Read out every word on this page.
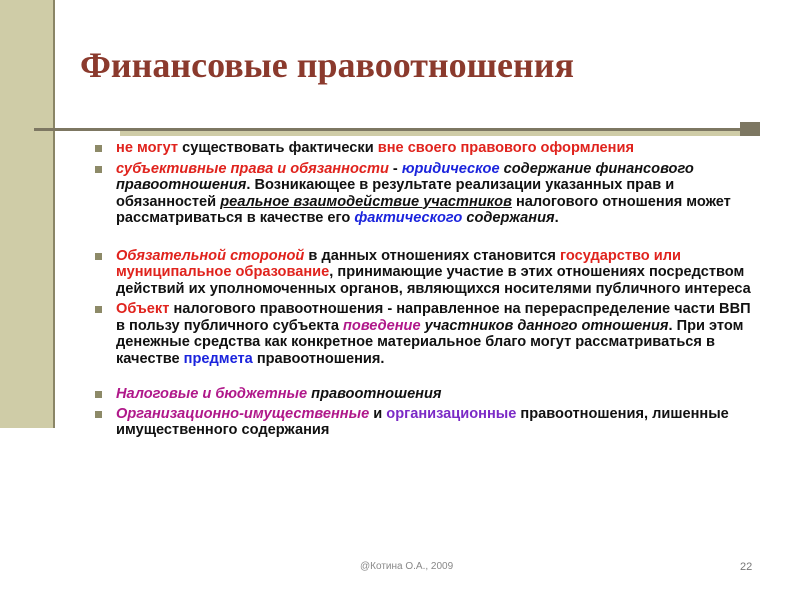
Финансовые правоотношения
не могут существовать фактически вне своего правового оформления
субъективные права и обязанности - юридическое содержание финансового правоотношения. Возникающее в результате реализации указанных прав и обязанностей реальное взаимодействие участников налогового отношения может рассматриваться в качестве его фактического содержания.
Обязательной стороной в данных отношениях становится государство или муниципальное образование, принимающие участие в этих отношениях посредством действий их уполномоченных органов, являющихся носителями публичного интереса
Объект налогового правоотношения - направленное на перераспределение части ВВП в пользу публичного субъекта поведение участников данного отношения. При этом денежные средства как конкретное материальное благо могут рассматриваться в качестве предмета правоотношения.
Налоговые и бюджетные правоотношения
Организационно-имущественные и организационные правоотношения, лишенные имущественного содержания
@Котина О.А., 2009	22
